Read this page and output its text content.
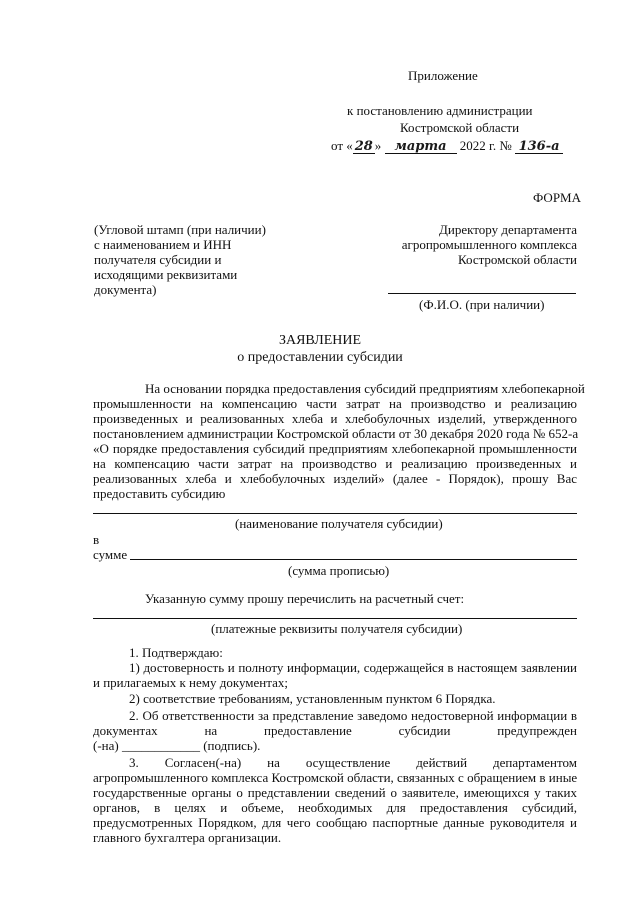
Приложение
к постановлению администрации
Костромской области
от « 28 » марта 2022 г. № 136-а
ФОРМА
(Угловой штамп (при наличии)
с наименованием и ИНН
получателя субсидии и
исходящими реквизитами
документа)
Директору департамента
агропромышленного комплекса
Костромской области
(Ф.И.О. (при наличии)
ЗАЯВЛЕНИЕ
о предоставлении субсидии
На основании порядка предоставления субсидий предприятиям хлебопекарной
промышленности на компенсацию части затрат на производство и реализацию
произведенных и реализованных хлеба и хлебобулочных изделий, утвержденного
постановлением администрации Костромской области от 30 декабря 2020 года № 652-а
«О порядке предоставления субсидий предприятиям хлебопекарной промышленности
на компенсацию части затрат на производство и реализацию произведенных и
реализованных хлеба и хлебобулочных изделий» (далее - Порядок), прошу Вас
предоставить субсидию
(наименование получателя субсидии)
в
сумме
(сумма прописью)
Указанную сумму прошу перечислить на расчетный счет:
(платежные реквизиты получателя субсидии)
1. Подтверждаю:
1) достоверность и полноту информации, содержащейся в настоящем заявлении
и прилагаемых к нему документах;
2) соответствие требованиям, установленным пунктом 6 Порядка.
2. Об ответственности за представление заведомо недостоверной информации в
документах на предоставление субсидии предупрежден
(-на) ____________ (подпись).
3. Согласен(-на) на осуществление действий департаментом
агропромышленного комплекса Костромской области, связанных с обращением в иные
государственные органы о представлении сведений о заявителе, имеющихся у таких
органов, в целях и объеме, необходимых для предоставления субсидий,
предусмотренных Порядком, для чего сообщаю паспортные данные руководителя и
главного бухгалтера организации.
